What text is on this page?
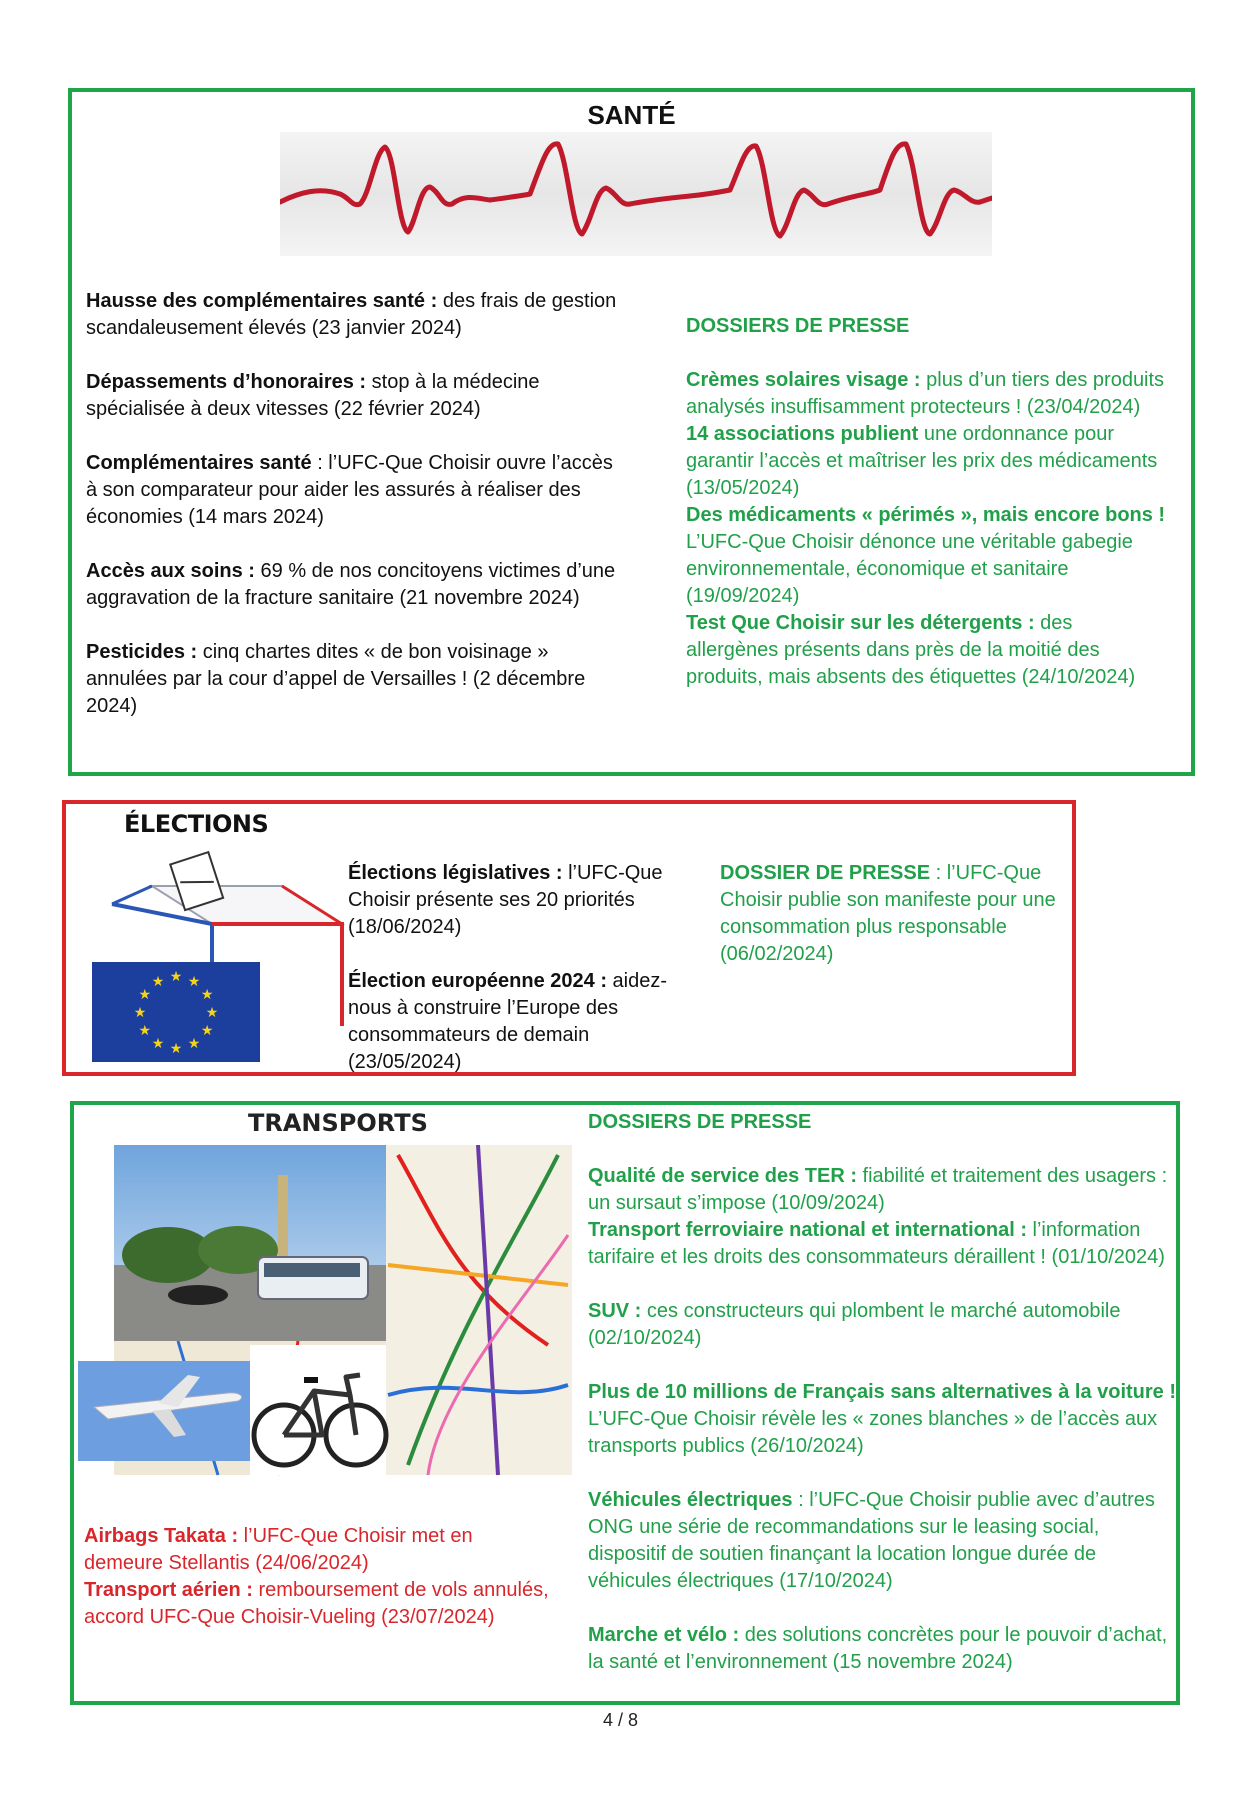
SANTÉ

Hausse des complémentaires santé : des frais de gestion scandaleusement élevés (23 janvier 2024)

Dépassements d’honoraires : stop à la médecine spécialisée à deux vitesses (22 février 2024)

Complémentaires santé : l’UFC-Que Choisir ouvre l’accès à son comparateur pour aider les assurés à réaliser des économies (14 mars 2024)

Accès aux soins : 69 % de nos concitoyens victimes d’une aggravation de la fracture sanitaire (21 novembre 2024)

Pesticides : cinq chartes dites « de bon voisinage » annulées par la cour d’appel de Versailles ! (2 décembre 2024)

DOSSIERS DE PRESSE

Crèmes solaires visage : plus d’un tiers des produits analysés insuffisamment protecteurs ! (23/04/2024)

14 associations publient une ordonnance pour garantir l’accès et maîtriser les prix des médicaments (13/05/2024)

Des médicaments « périmés », mais encore bons ! L’UFC-Que Choisir dénonce une véritable gabegie environnementale, économique et sanitaire (19/09/2024)

Test Que Choisir sur les détergents : des allergènes présents dans près de la moitié des produits, mais absents des étiquettes (24/10/2024)

ÉLECTIONS
★ ★
★
★
★
★
★
★
★
★
★
★

Élections législatives : l’UFC-Que Choisir présente ses 20 priorités (18/06/2024)

Élection européenne 2024 : aidez-nous à construire l’Europe des consommateurs de demain (23/05/2024)

DOSSIER DE PRESSE : l’UFC-Que Choisir publie son manifeste pour une consommation plus responsable (06/02/2024)

TRANSPORTS

Airbags Takata : l’UFC-Que Choisir met en demeure Stellantis (24/06/2024)

Transport aérien : remboursement de vols annulés, accord UFC-Que Choisir-Vueling (23/07/2024)

DOSSIERS DE PRESSE

Qualité de service des TER : fiabilité et traitement des usagers : un sursaut s’impose (10/09/2024)

Transport ferroviaire national et international : l’information tarifaire et les droits des consommateurs déraillent ! (01/10/2024)

SUV : ces constructeurs qui plombent le marché automobile (02/10/2024)

Plus de 10 millions de Français sans alternatives à la voiture ! L’UFC-Que Choisir révèle les « zones blanches » de l’accès aux transports publics (26/10/2024)

Véhicules électriques : l’UFC-Que Choisir publie avec d’autres ONG une série de recommandations sur le leasing social, dispositif de soutien finançant la location longue durée de véhicules électriques (17/10/2024)

Marche et vélo : des solutions concrètes pour le pouvoir d’achat, la santé et l’environnement (15 novembre 2024)

4 / 8
